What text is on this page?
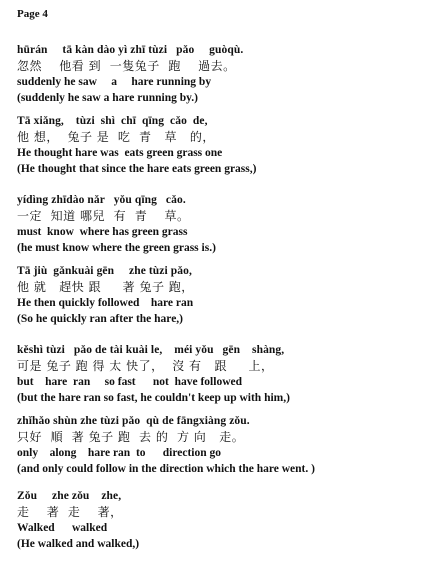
Page 4
hūrán     tā kàn dào yì zhī tùzi   pǎo     guòqù.
忽然    他看 到  一隻兔子  跑    過去。
suddenly he saw     a     hare running by
(suddenly he saw a hare running by.)
Tā xiǎng,    tùzi  shì  chī  qīng  cǎo  de,
他 想，  兔子 是  吃  青   草   的，
He thought hare was  eats green grass one
(He thought that since the hare eats green grass,)
yídìng zhīdào nǎr   yǒu qīng   cǎo.
一定  知道 哪兒  有  青    草。
must  know  where has green grass
(he must know where the green grass is.)
Tā jiù  gǎnkuài gēn     zhe tùzi pǎo,
他 就   趕快 跟     著 兔子 跑，
He then quickly followed    hare ran
(So he quickly ran after the hare,)
kěshì tùzi   pǎo de tài kuài le,    méi yǒu   gēn    shàng,
可是 兔子 跑 得 太 快了，  沒 有   跟     上，
but    hare  ran     so fast      not  have followed
(but the hare ran so fast, he couldn't keep up with him,)
zhǐhǎo shùn zhe tùzi pǎo  qù de fāngxiàng zǒu.
只好  順  著 兔子 跑  去 的  方 向   走。
only    along    hare ran  to      direction go
(and only could follow in the direction which the hare went. )
Zǒu     zhe zǒu    zhe,
走    著  走    著，
Walked      walked
(He walked and walked,)
